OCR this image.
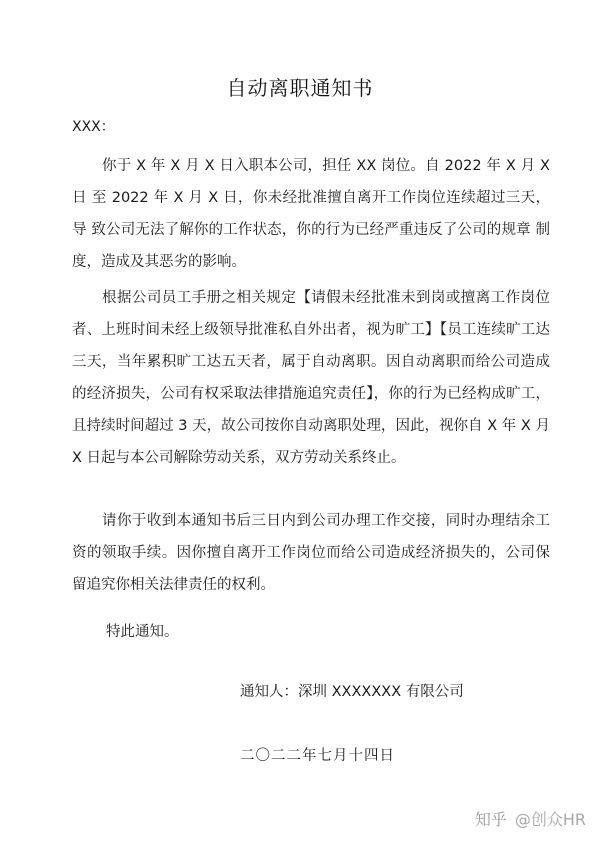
自动离职通知书
XXX：
你于 X 年 X 月 X 日入职本公司，担任 XX 岗位。自 2022 年 X 月 X 日 至 2022 年 X 月 X 日，你未经批准擅自离开工作岗位连续超过三天，导 致公司无法了解你的工作状态，你的行为已经严重违反了公司的规章 制度，造成及其恶劣的影响。
根据公司员工手册之相关规定【请假未经批准未到岗或擅离工作岗位者、上班时间未经上级领导批准私自外出者，视为旷工】【员工连续旷工达三天，当年累积旷工达五天者，属于自动离职。因自动离职而给公司造成的经济损失，公司有权采取法律措施追究责任】，你的行为已经构成旷工，且持续时间超过 3 天，故公司按你自动离职处理，因此，视你自 X 年 X 月 X 日起与本公司解除劳动关系，双方劳动关系终止。
请你于收到本通知书后三日内到公司办理工作交接，同时办理结余工资的领取手续。因你擅自离开工作岗位而给公司造成经济损失的，公司保留追究你相关法律责任的权利。
特此通知。
通知人：深圳 XXXXXXX 有限公司
二〇二二年七月十四日
知乎 @创众HR
